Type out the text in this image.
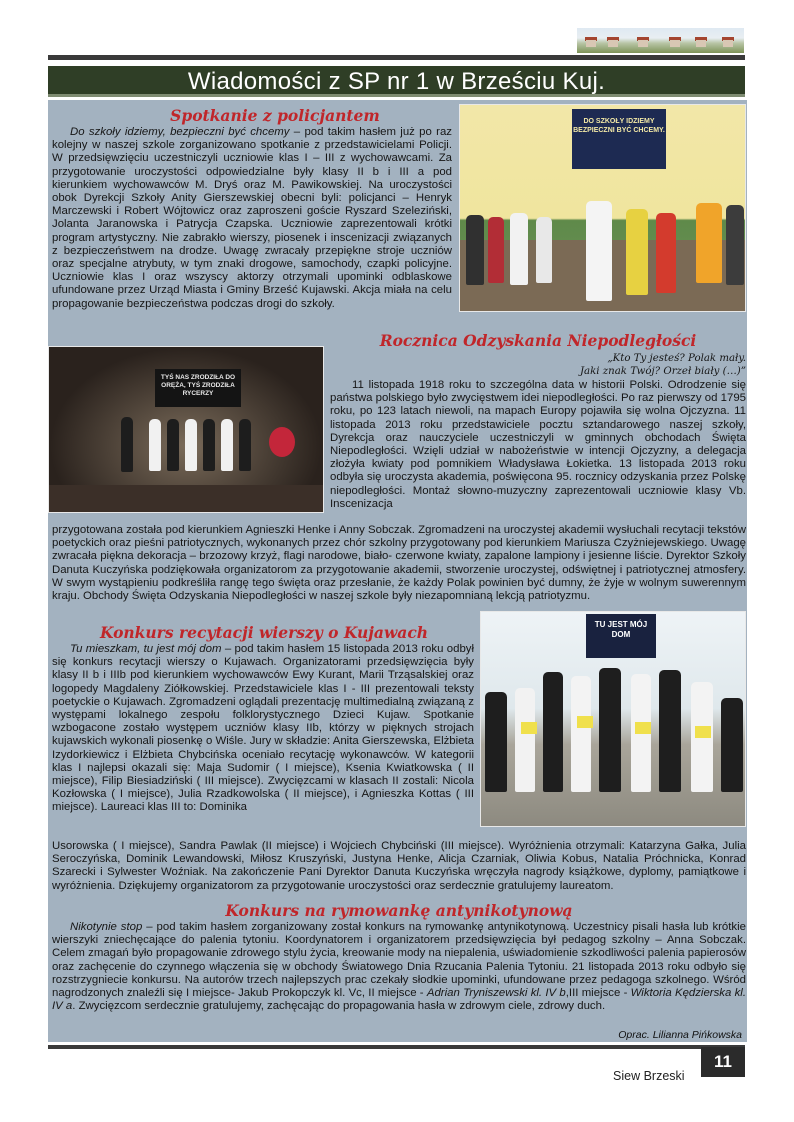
Wiadomości z SP nr 1 w Brześciu Kuj.
Spotkanie z policjantem

Do szkoły idziemy, bezpieczni być chcemy – pod takim hasłem już po raz kolejny w naszej szkole zorganizowano spotkanie z przedstawicielami Policji. W przedsięwzięciu uczestniczyli uczniowie klas I – III z wychowawcami. Za przygotowanie uroczystości odpowiedzialne były klasy II b i III a pod kierunkiem wychowawców M. Dryś oraz M. Pawikowskiej. Na uroczystości obok Dyrekcji Szkoły Anity Gierszewskiej obecni byli: policjanci – Henryk Marczewski i Robert Wójtowicz oraz zaproszeni goście Ryszard Szeleziński, Jolanta Jaranowska i Patrycja Czapska. Uczniowie zaprezentowali krótki program artystyczny. Nie zabrakło wierszy, piosenek i inscenizacji związanych z bezpieczeństwem na drodze. Uwagę zwracały przepiękne stroje uczniów oraz specjalne atrybuty, w tym znaki drogowe, samochody, czapki policyjne. Uczniowie klas I oraz wszyscy aktorzy otrzymali upominki odblaskowe ufundowane przez Urząd Miasta i Gminy Brześć Kujawski. Akcja miała na celu propagowanie bezpieczeństwa podczas drogi do szkoły.

DO SZKOŁY IDZIEMY BEZPIECZNI BYĆ CHCEMY.
TYŚ NAS ZRODZIŁA DO ORĘŻA, TYŚ ZRODZIŁA RYCERZY
Rocznica Odzyskania Niepodległości
„Kto Ty jesteś? Polak mały.
Jaki znak Twój? Orzeł biały (…)”

11 listopada 1918 roku to szczególna data w historii Polski. Odrodzenie się państwa polskiego było zwycięstwem idei niepodległości. Po raz pierwszy od 1795 roku, po 123 latach niewoli, na mapach Europy pojawiła się wolna Ojczyzna. 11 listopada 2013 roku przedstawiciele pocztu sztandarowego naszej szkoły, Dyrekcja oraz nauczyciele uczestniczyli w gminnych obchodach Święta Niepodległości. Wzięli udział w nabożeństwie w intencji Ojczyzny, a delegacja złożyła kwiaty pod pomnikiem Władysława Łokietka. 13 listopada 2013 roku odbyła się uroczysta akademia, poświęcona 95. rocznicy odzyskania przez Polskę niepodległości. Montaż słowno-muzyczny zaprezentowali uczniowie klasy Vb. Inscenizacja

przygotowana została pod kierunkiem Agnieszki Henke i Anny Sobczak. Zgromadzeni na uroczystej akademii wysłuchali recytacji tekstów poetyckich oraz pieśni patriotycznych, wykonanych przez chór szkolny przygotowany pod kierunkiem Mariusza Czyżniejewskiego. Uwagę zwracała piękna dekoracja – brzozowy krzyż, flagi narodowe, biało- czerwone kwiaty, zapalone lampiony i jesienne liście. Dyrektor Szkoły Danuta Kuczyńska podziękowała organizatorom za przygotowanie akademii, stworzenie uroczystej, odświętnej i patriotycznej atmosfery. W swym wystąpieniu podkreśliła rangę tego święta oraz przesłanie, że każdy Polak powinien być dumny, że żyje w wolnym suwerennym kraju. Obchody Święta Odzyskania Niepodległości w naszej szkole były niezapomnianą lekcją patriotyzmu.

Konkurs recytacji wierszy o Kujawach

Tu mieszkam, tu jest mój dom – pod takim hasłem 15 listopada 2013 roku odbył się konkurs recytacji wierszy o Kujawach. Organizatorami przedsięwzięcia były klasy II b i IIIb pod kierunkiem wychowawców Ewy Kurant, Marii Trząsalskiej oraz logopedy Magdaleny Ziółkowskiej. Przedstawiciele klas I - III prezentowali teksty poetyckie o Kujawach. Zgromadzeni oglądali prezentację multimedialną związaną z występami lokalnego zespołu folklorystycznego Dzieci Kujaw. Spotkanie wzbogacone zostało występem uczniów klasy IIb, którzy w pięknych strojach kujawskich wykonali piosenkę o Wiśle. Jury w składzie: Anita Gierszewska, Elżbieta Izydorkiewicz i Elżbieta Chybcińska oceniało recytację wykonawców. W kategorii klas I najlepsi okazali się: Maja Sudomir ( I miejsce), Ksenia Kwiatkowska ( II miejsce), Filip Biesiadziński ( III miejsce). Zwycięzcami w klasach II zostali: Nicola Kozłowska ( I miejsce), Julia Rzadkowolska ( II miejsce), i Agnieszka Kottas ( III miejsce). Laureaci klas III to: Dominika

TU JEST MÓJ DOM

Usorowska ( I miejsce), Sandra Pawlak (II miejsce) i Wojciech Chybciński (III miejsce). Wyróżnienia otrzymali: Katarzyna Gałka, Julia Seroczyńska, Dominik Lewandowski, Miłosz Kruszyński, Justyna Henke, Alicja Czarniak, Oliwia Kobus, Natalia Próchnicka, Konrad Szarecki i Sylwester Woźniak. Na zakończenie Pani Dyrektor Danuta Kuczyńska wręczyła nagrody książkowe, dyplomy, pamiątkowe i wyróżnienia. Dziękujemy organizatorom za przygotowanie uroczystości oraz serdecznie gratulujemy laureatom.

Konkurs na rymowankę antynikotynową

Nikotynie stop – pod takim hasłem zorganizowany został konkurs na rymowankę antynikotynową. Uczestnicy pisali hasła lub krótkie wierszyki zniechęcające do palenia tytoniu. Koordynatorem i organizatorem przedsięwzięcia był pedagog szkolny – Anna Sobczak. Celem zmagań było propagowanie zdrowego stylu życia, kreowanie mody na niepalenia, uświadomienie szkodliwości palenia papierosów oraz zachęcenie do czynnego włączenia się w obchody Światowego Dnia Rzucania Palenia Tytoniu. 21 listopada 2013 roku odbyło się rozstrzygniecie konkursu. Na autorów trzech najlepszych prac czekały słodkie upominki, ufundowane przez pedagoga szkolnego. Wśród nagrodzonych znaleźli się I miejsce- Jakub Prokopczyk kl. Vc, II miejsce - Adrian Tryniszewski kl. IV b,III miejsce - Wiktoria Kędzierska kl. IV a. Zwycięzcom serdecznie gratulujemy, zachęcając do propagowania hasła w zdrowym ciele, zdrowy duch.

Oprac. Lilianna Pińkowska
Siew Brzeski
11
